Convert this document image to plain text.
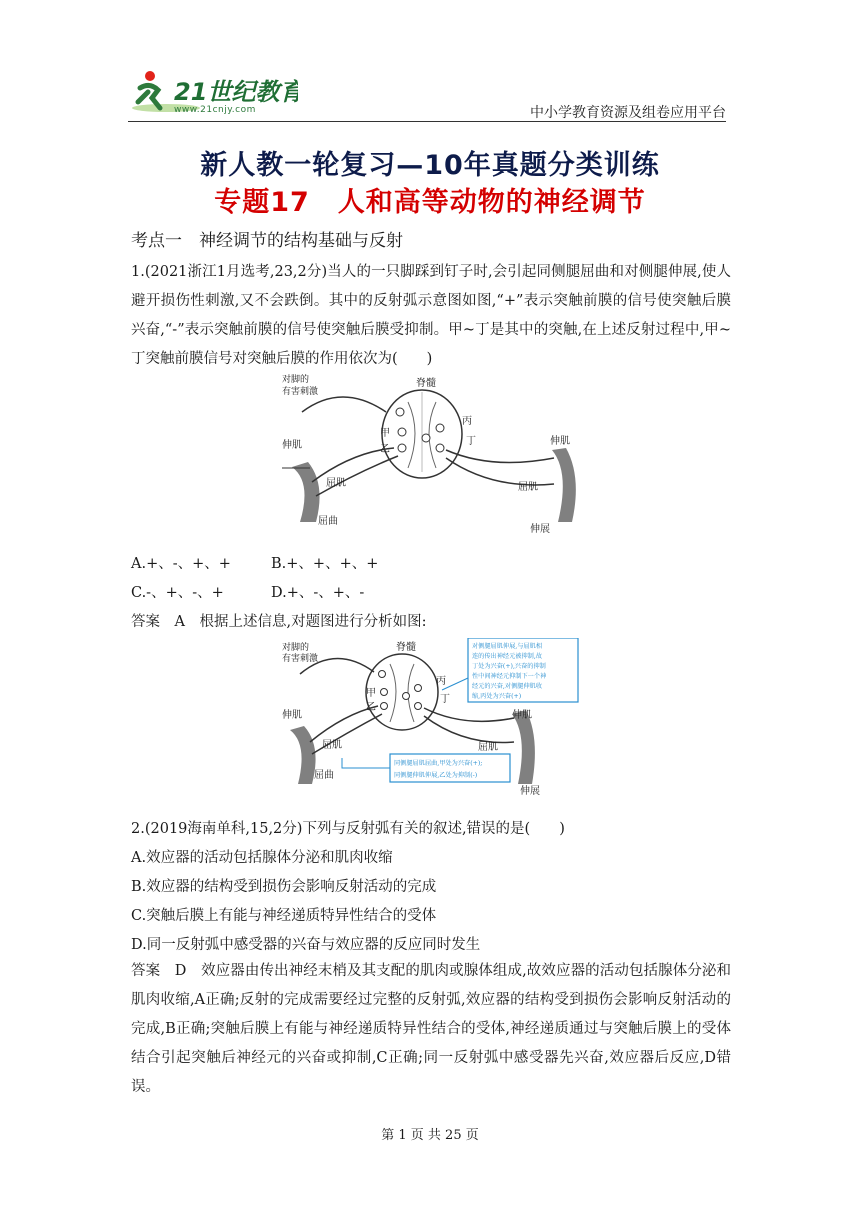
21世纪教育
www.21cnjy.com	中小学教育资源及组卷应用平台
新人教一轮复习—10年真题分类训练
专题17　人和高等动物的神经调节
考点一　神经调节的结构基础与反射
1.(2021浙江1月选考,23,2分)当人的一只脚踩到钉子时,会引起同侧腿屈曲和对侧腿伸展,使人避开损伤性刺激,又不会跌倒。其中的反射弧示意图如图,“+”表示突触前膜的信号使突触后膜兴奋,“-”表示突触前膜的信号使突触后膜受抑制。甲~丁是其中的突触,在上述反射过程中,甲~丁突触前膜信号对突触后膜的作用依次为(　　)
对脚的
有害刺激
脊髓
甲
乙
丙
丁
伸肌
屈肌
屈曲
伸肌
屈肌
伸展
A.+、-、+、+	B.+、+、+、+
C.-、+、-、+	D.+、-、+、-
答案　A　根据上述信息,对题图进行分析如图:
对脚的
有害刺激
脊髓
甲
乙
丙
丁
伸肌
屈肌
屈曲
伸肌
屈肌
伸展
对侧腿屈肌伸展,与屈肌相
连的传出神经元被抑制,故
丁处为兴奋(+),兴奋的抑制
性中间神经元抑制下一个神
经元的兴奋,对侧腿伸肌收
缩,丙处为兴奋(+)
同侧腿屈肌屈曲,甲处为兴奋(+);
同侧腿伸肌伸展,乙处为抑制(-)
2.(2019海南单科,15,2分)下列与反射弧有关的叙述,错误的是(　　)
A.效应器的活动包括腺体分泌和肌肉收缩
B.效应器的结构受到损伤会影响反射活动的完成
C.突触后膜上有能与神经递质特异性结合的受体
D.同一反射弧中感受器的兴奋与效应器的反应同时发生
答案　D　效应器由传出神经末梢及其支配的肌肉或腺体组成,故效应器的活动包括腺体分泌和肌肉收缩,A正确;反射的完成需要经过完整的反射弧,效应器的结构受到损伤会影响反射活动的完成,B正确;突触后膜上有能与神经递质特异性结合的受体,神经递质通过与突触后膜上的受体结合引起突触后神经元的兴奋或抑制,C正确;同一反射弧中感受器先兴奋,效应器后反应,D错误。
第 1 页 共 25 页
